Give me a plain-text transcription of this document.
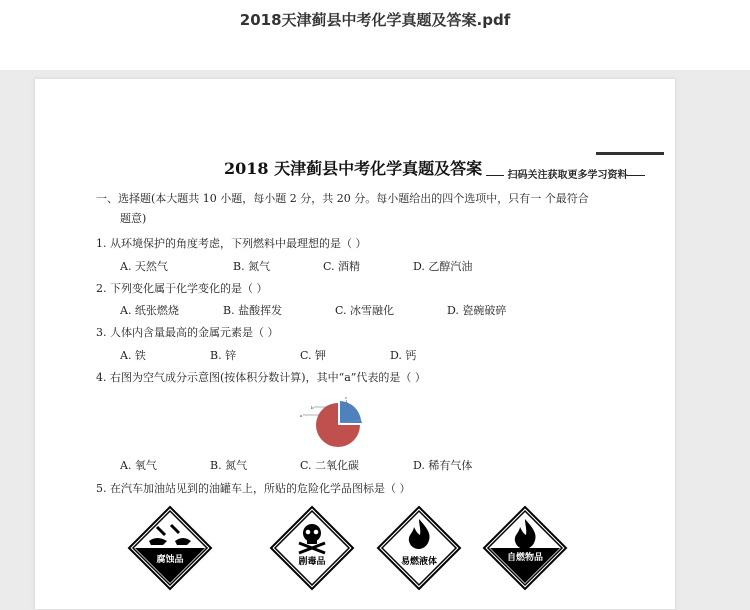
2018天津蓟县中考化学真题及答案.pdf
2018 天津蓟县中考化学真题及答案	扫码关注获取更多学习资料
一、选择题(本大题共 10 小题，每小题 2 分，共 20 分。每小题给出的四个选项中，只有一 个最符合
题意)
1. 从环境保护的角度考虑，下列燃料中最理想的是（ ）
A. 天然气	B. 氮气	C. 酒精	D. 乙醇汽油
2. 下列变化属于化学变化的是（ ）
A. 纸张燃烧	B. 盐酸挥发	C. 冰雪融化	D. 瓷碗破碎
3. 人体内含量最高的金属元素是（ ）
A. 铁	B. 锌	C. 钾	D. 钙
4. 右图为空气成分示意图(按体积分数计算)，其中“a”代表的是（ ）
a
b
c
A. 氧气	B. 氮气	C. 二氧化碳	D. 稀有气体
5. 在汽车加油站见到的油罐车上，所贴的危险化学品图标是（ ）
腐蚀品	剧毒品	易燃液体	自燃物品
